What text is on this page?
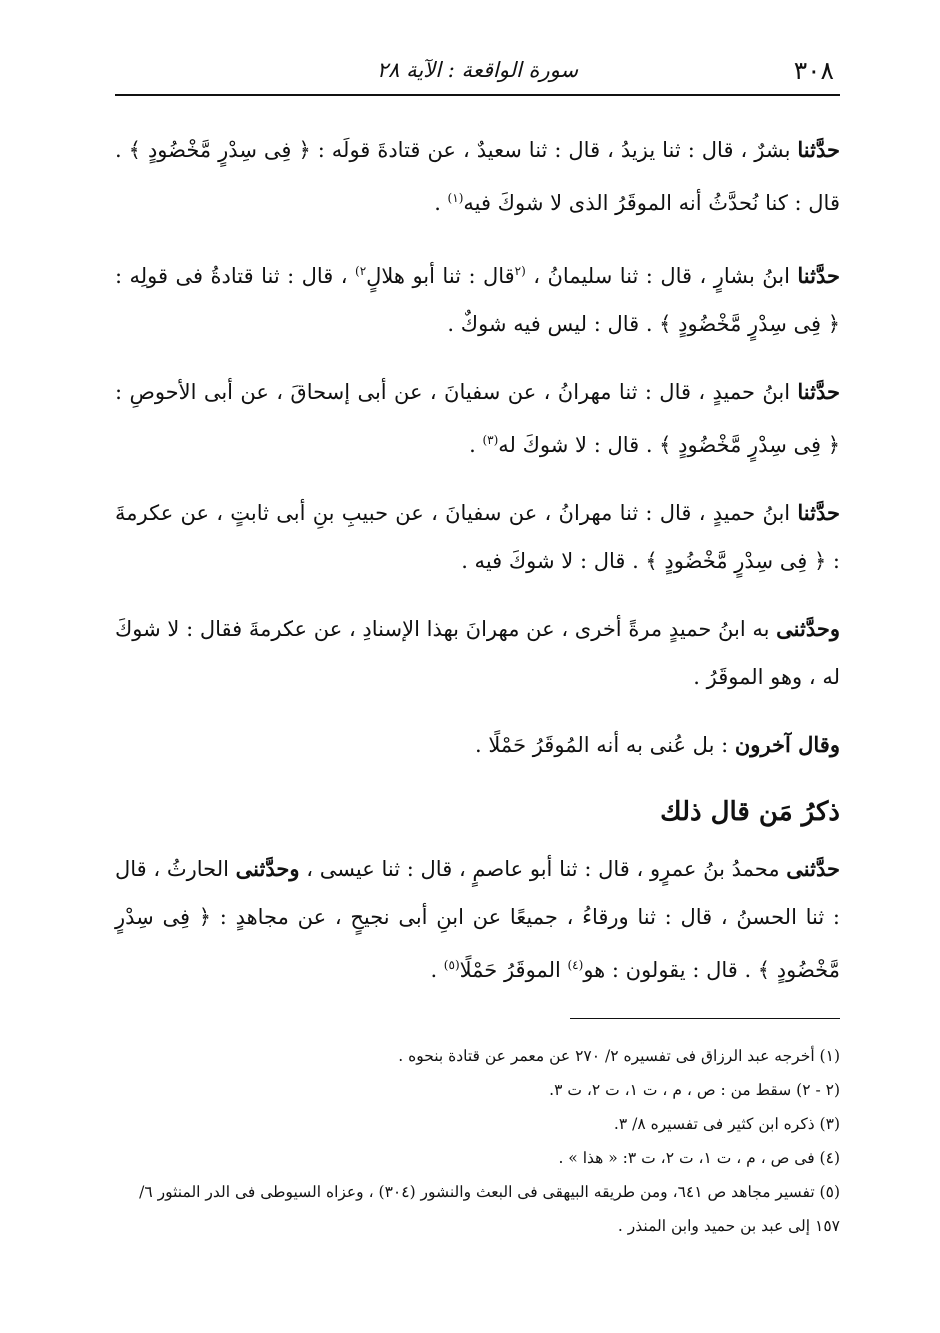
٣٠٨
سورة الواقعة : الآية ٢٨

حدَّثنا بشرٌ ، قال : ثنا يزيدُ ، قال : ثنا سعيدٌ ، عن قتادةَ قولَه : ﴿ فِى سِدْرٍ مَّخْضُودٍ ﴾ . قال : كنا نُحدَّثُ أنه الموقَرُ الذى لا شوكَ فيه$^{(١)}$ .

حدَّثنا ابنُ بشارٍ ، قال : ثنا سليمانُ ، $^{(٢}$قال : ثنا أبو هلالٍ$^{٢)}$ ، قال : ثنا قتادةُ فى قولِه : ﴿ فِى سِدْرٍ مَّخْضُودٍ ﴾ . قال : ليس فيه شوكٌ .

حدَّثنا ابنُ حميدٍ ، قال : ثنا مهرانُ ، عن سفيانَ ، عن أبى إسحاقَ ، عن أبى الأحوصِ : ﴿ فِى سِدْرٍ مَّخْضُودٍ ﴾ . قال : لا شوكَ له$^{(٣)}$ .

حدَّثنا ابنُ حميدٍ ، قال : ثنا مهرانُ ، عن سفيانَ ، عن حبيبِ بنِ أبى ثابتٍ ، عن عكرمةَ : ﴿ فِى سِدْرٍ مَّخْضُودٍ ﴾ . قال : لا شوكَ فيه .

وحدَّثنى به ابنُ حميدٍ مرةً أخرى ، عن مهرانَ بهذا الإسنادِ ، عن عكرمةَ فقال : لا شوكَ له ، وهو الموقَرُ .

وقال آخرون : بل عُنى به أنه المُوقَرُ حَمْلًا .

ذكرُ مَن قال ذلك

حدَّثنى محمدُ بنُ عمرٍو ، قال : ثنا أبو عاصمٍ ، قال : ثنا عيسى ، وحدَّثنى الحارثُ ، قال : ثنا الحسنُ ، قال : ثنا ورقاءُ ، جميعًا عن ابنِ أبى نجيحٍ ، عن مجاهدٍ : ﴿ فِى سِدْرٍ مَّخْضُودٍ ﴾ . قال : يقولون : هو$^{(٤)}$ الموقَرُ حَمْلًا$^{(٥)}$ .

(١) أخرجه عبد الرزاق فى تفسيره ٢/ ٢٧٠ عن معمر عن قتادة بنحوه .

(٢ - ٢) سقط من : ص ، م ، ت ١، ت ٢، ت ٣.

(٣) ذكره ابن كثير فى تفسيره ٨/ ٣.

(٤) فى ص ، م ، ت ١، ت ٢، ت ٣: « هذا » .

(٥) تفسير مجاهد ص ٦٤١، ومن طريقه البيهقى فى البعث والنشور (٣٠٤) ، وعزاه السيوطى فى الدر المنثور ٦/ ١٥٧ إلى عبد بن حميد وابن المنذر .
